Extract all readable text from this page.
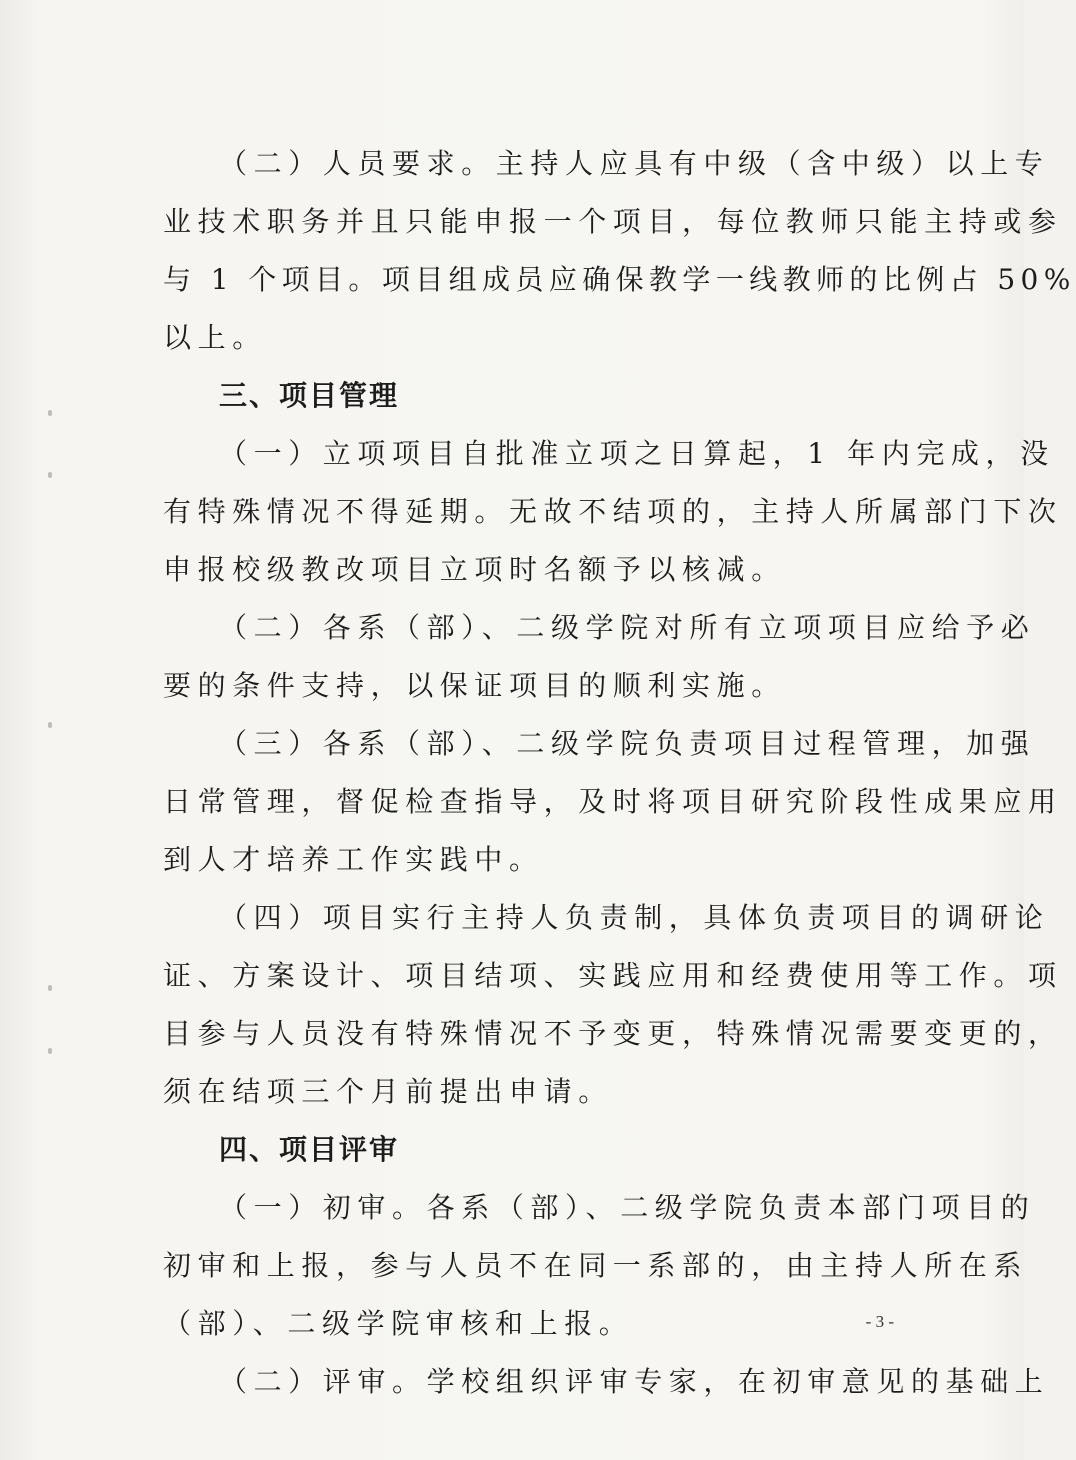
（二）人员要求。主持人应具有中级（含中级）以上专
业技术职务并且只能申报一个项目，每位教师只能主持或参
与 1 个项目。项目组成员应确保教学一线教师的比例占 50%
以上。
三、项目管理
（一）立项项目自批准立项之日算起，1 年内完成，没
有特殊情况不得延期。无故不结项的，主持人所属部门下次
申报校级教改项目立项时名额予以核减。
（二）各系（部）、二级学院对所有立项项目应给予必
要的条件支持，以保证项目的顺利实施。
（三）各系（部）、二级学院负责项目过程管理，加强
日常管理，督促检查指导，及时将项目研究阶段性成果应用
到人才培养工作实践中。
（四）项目实行主持人负责制，具体负责项目的调研论
证、方案设计、项目结项、实践应用和经费使用等工作。项
目参与人员没有特殊情况不予变更，特殊情况需要变更的，
须在结项三个月前提出申请。
四、项目评审
（一）初审。各系（部）、二级学院负责本部门项目的
初审和上报，参与人员不在同一系部的，由主持人所在系
（部）、二级学院审核和上报。
（二）评审。学校组织评审专家，在初审意见的基础上
- 3 -
